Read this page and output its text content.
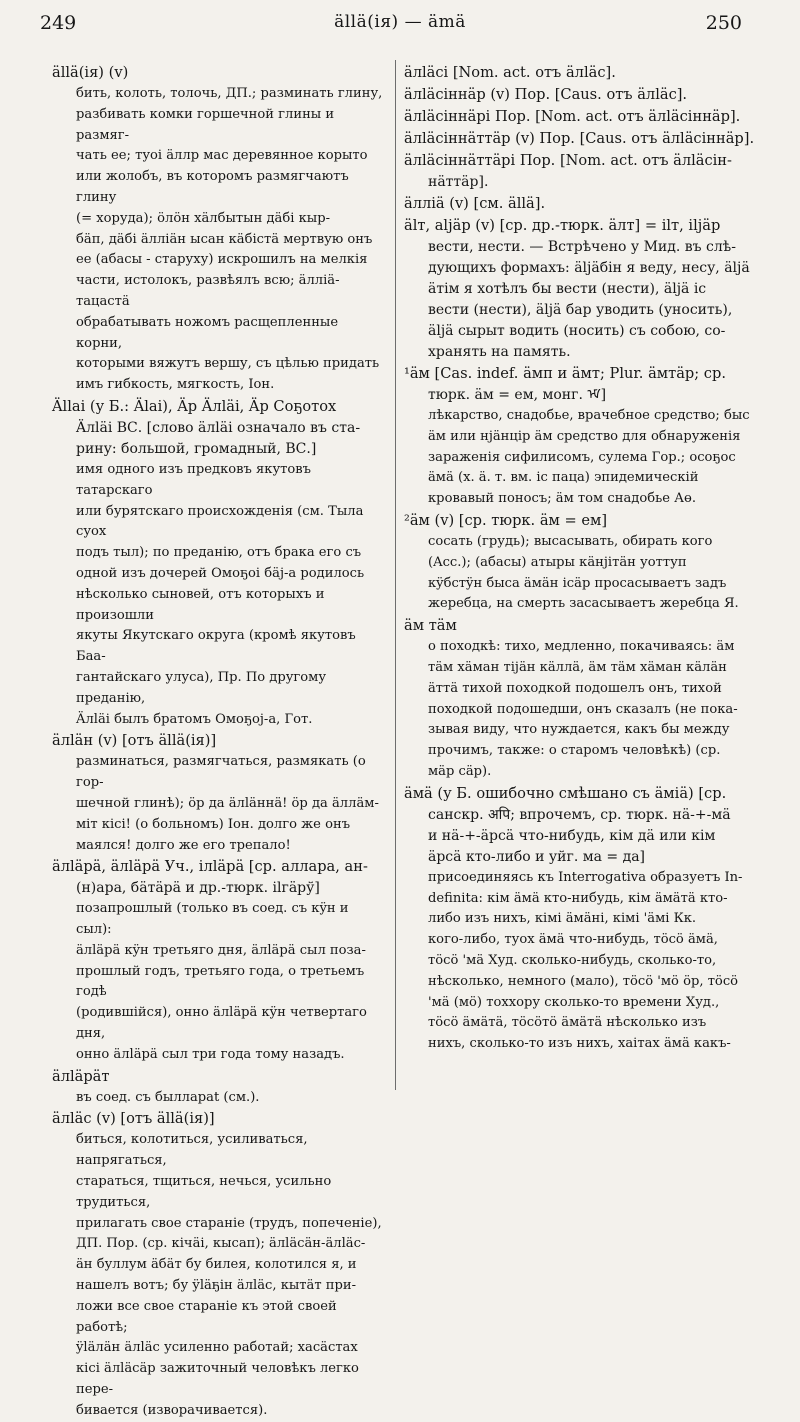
249	ällä(ія) — ämä	250
ällä(ія) (v)
бить, колоть, толочь, ДП.; разминать глину,
разбивать комки горшечной глины и размяг-
чать ее; туоі äллр мас деревянное корыто
или жолобъ, въ которомъ размягчаютъ глину
(= хоруда); öлöн хäлбытын дäбі кыр-
бäп, дäбі äлліäн ысан кäбістä мертвую онъ
ее (абасы - старуху) искрошилъ на мелкія
части, истолокъ, развѣялъ всю; äлліä-тацастä
обрабатывать ножомъ расщепленные корни,
которыми вяжутъ вершу, съ цѣлью придать
имъ гибкость, мягкость, Іон.
Ällаі (у Б.: Älаі), Äр Äлläі, Äр Соҕотох
Äлläі ВС. [слово äлläі означало въ ста-
рину: большой, громадный, ВС.]
имя одного изъ предковъ якутовъ татарскаго
или бурятскаго происхожденія (см. Тыла суох
подъ тыл); по преданію, отъ брака его съ
одной изъ дочерей Омоҕоі бäj-а родилось
нѣсколько сыновей, отъ которыхъ и произошли
якуты Якутскаго округа (кромѣ якутовъ Баа-
гантайскаго улуса), Пр. По другому преданію,
Äлläі былъ братомъ Омоҕоj-а, Гот.
äлläн (v) [отъ ällä(ія)]
разминаться, размягчаться, размякать (о гор-
шечной глинѣ); öр да äлläннä! öр да äллäм-
міт кісі! (о больномъ) Іон. долго же онъ
маялся! долго же его трепало!
äлläрä, äлläрä Уч., ілläрä [ср. аллара, ан-
(н)ара, бäтäрä и др.-тюрк. ilгäрў]
позапрошлый (только въ соед. съ кÿн и сыл):
äлläрä кÿн третьяго дня, äлläрä сыл поза-
прошлый годъ, третьяго года, о третьемъ годѣ
(родившійся), онно äлläрä кÿн четвертаго дня,
онно äлläрä сыл три года тому назадъ.
äлläрäт
въ соед. съ быллараt (см.).
äлläс (v) [отъ ällä(ія)]
биться, колотиться, усиливаться, напрягаться,
стараться, тщиться, нечься, усильно трудиться,
прилагать свое стараніе (трудъ, попеченіе),
ДП. Пор. (ср. кічäі, кысап); äлläсäн-äлläс-
äн буллум äбäт бу билея, колотился я, и
нашелъ вотъ; бу ÿläҕін äлläс, кытäт при-
ложи все свое стараніе къ этой своей работѣ;
ÿläлäн äлläс усиленно работай; хасäстах
кісі äлläсäр зажиточный человѣкъ легко пере-
бивается (изворачивается).
äлläсі [Nom. act. отъ äлläс].
äлläсіннäр (v) Пор. [Caus. отъ äлläс].
äлläсіннäрі Пор. [Nom. act. отъ äлläсіннäр].
äлläсіннäттäр (v) Пор. [Caus. отъ äлläсіннäр].
äлläсіннäттäрі Пор. [Nom. act. отъ äлläсін-
нäттäр].
äлліä (v) [см. ällä].
älт, aljäр (v) [ср. др.-тюрк. äлт] = ilт, iljäр
вести, нести. — Встрѣчено у Мид. въ слѣ-
дующихъ формахъ: äljäбін я веду, несу, äljä
äтім я хотѣлъ бы вести (нести), äljä іс
вести (нести), äljä бар уводить (уносить),
äljä сырыт водить (носить) съ собою, со-
хранять на память.
¹äм [Cas. indef. äмп и äмт; Plur. äмтäр; ср.
тюрк. äм = ем, монг. ᠡᠮ]
лѣкарство, снадобье, врачебное средство; быс
äм или нjäнцір äм средство для обнаруженія
зараженія сифилисомъ, сулема Гор.; осоҕос
äмä (х. ä. т. вм. іс паца) эпидемическій
кровавый поносъ; äм том снадобье Аө.
²äм (v) [ср. тюрк. äм = ем]
сосать (грудь); высасывать, обирать кого
(Acc.); (абасы) атыры кäнjітäн уоттуп
кÿбстÿн быса äмäн ісäр просасываетъ задъ
жеребца, на смерть засасываетъ жеребца Я.
äм тäм
о походкѣ: тихо, медленно, покачиваясь: äм
тäм хäман тіjäн кäллä, äм тäм хäман кäлäн
äттä тихой походкой подошелъ онъ, тихой
походкой подошедши, онъ сказалъ (не пока-
зывая виду, что нуждается, какъ бы между
прочимъ, также: о старомъ человѣкѣ) (ср.
мäр сäр).
äмä (у Б. ошибочно смѣшано съ äміä) [ср.
санскр. अपि; впрочемъ, ср. тюрк. нä-+-мä
и нä-+-äрсä что-нибудь, кім дä или кім
äрсä кто-либо и уйг. ма = да]
присоединяясь къ Interrogativa образуетъ In-
definita: кім äмä кто-нибудь, кім äмäтä кто-
либо изъ нихъ, кімі äмäні, кімі 'äмі Кк.
кого-либо, туох äмä что-нибудь, тöсö äмä,
тöсö 'мä Худ. сколько-нибудь, сколько-то,
нѣсколько, немного (мало), тöсö 'мö öр, тöсö
'мä (мö) тоххору сколько-то времени Худ.,
тöсö äмäтä, тöсöтö äмäтä нѣсколько изъ
нихъ, сколько-то изъ нихъ, хаітах äмä какъ-
